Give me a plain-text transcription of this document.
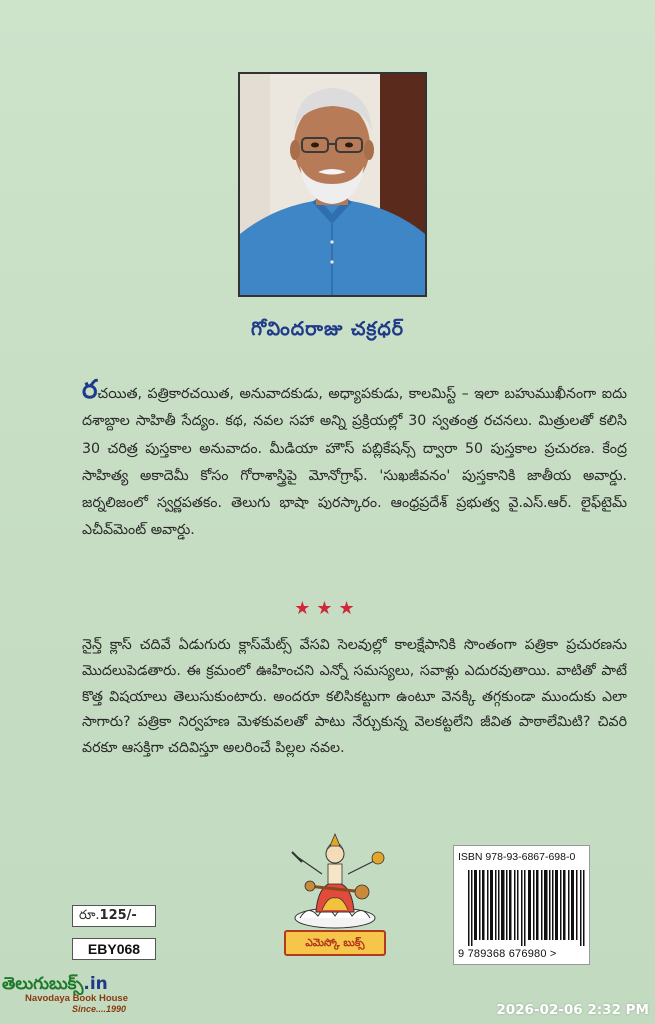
గోవిందరాజు చక్రధర్
రచయిత, పత్రికారచయిత, అనువాదకుడు, అధ్యాపకుడు, కాలమిస్ట్ – ఇలా బహుముఖీనంగా ఐదు దశాబ్దాల సాహితీ సేద్యం. కథ, నవల సహా అన్ని ప్రక్రియల్లో 30 స్వతంత్ర రచనలు. మిత్రులతో కలిసి 30 చరిత్ర పుస్తకాల అనువాదం. మీడియా హౌస్ పబ్లికేషన్స్ ద్వారా 50 పుస్తకాల ప్రచురణ. కేంద్ర సాహిత్య అకాదెమీ కోసం గోరాశాస్త్రిపై మోనోగ్రాఫ్. 'సుఖజీవనం' పుస్తకానికి జాతీయ అవార్డు. జర్నలిజంలో స్వర్ణపతకం. తెలుగు భాషా పురస్కారం. ఆంధ్రప్రదేశ్ ప్రభుత్వ వై.ఎస్.ఆర్. లైఫ్‌టైమ్ ఎచీవ్‌మెంట్ అవార్డు.
★★★
నైన్త్ క్లాస్ చదివే ఏడుగురు క్లాస్‌మేట్స్ వేసవి సెలవుల్లో కాలక్షేపానికి సొంతంగా పత్రికా ప్రచురణను మొదలుపెడతారు. ఈ క్రమంలో ఊహించని ఎన్నో సమస్యలు, సవాళ్లు ఎదురవుతాయి. వాటితో పాటే కొత్త విషయాలు తెలుసుకుంటారు. అందరూ కలిసికట్టుగా ఉంటూ వెనక్కి తగ్గకుండా ముందుకు ఎలా సాగారు? పత్రికా నిర్వహణ మెళకువలతో పాటు నేర్చుకున్న వెలకట్టలేని జీవిత పాఠాలేమిటి? చివరి వరకూ ఆసక్తిగా చదివిస్తూ అలరించే పిల్లల నవల.
రూ.125/-
EBY068	ఎమెస్కో బుక్స్
ISBN 978-93-6867-698-0
9 789368 676980 >
తెలుగుబుక్స్.in
Navodaya Book House
Since....1990	2026-02-06 2:32 PM
